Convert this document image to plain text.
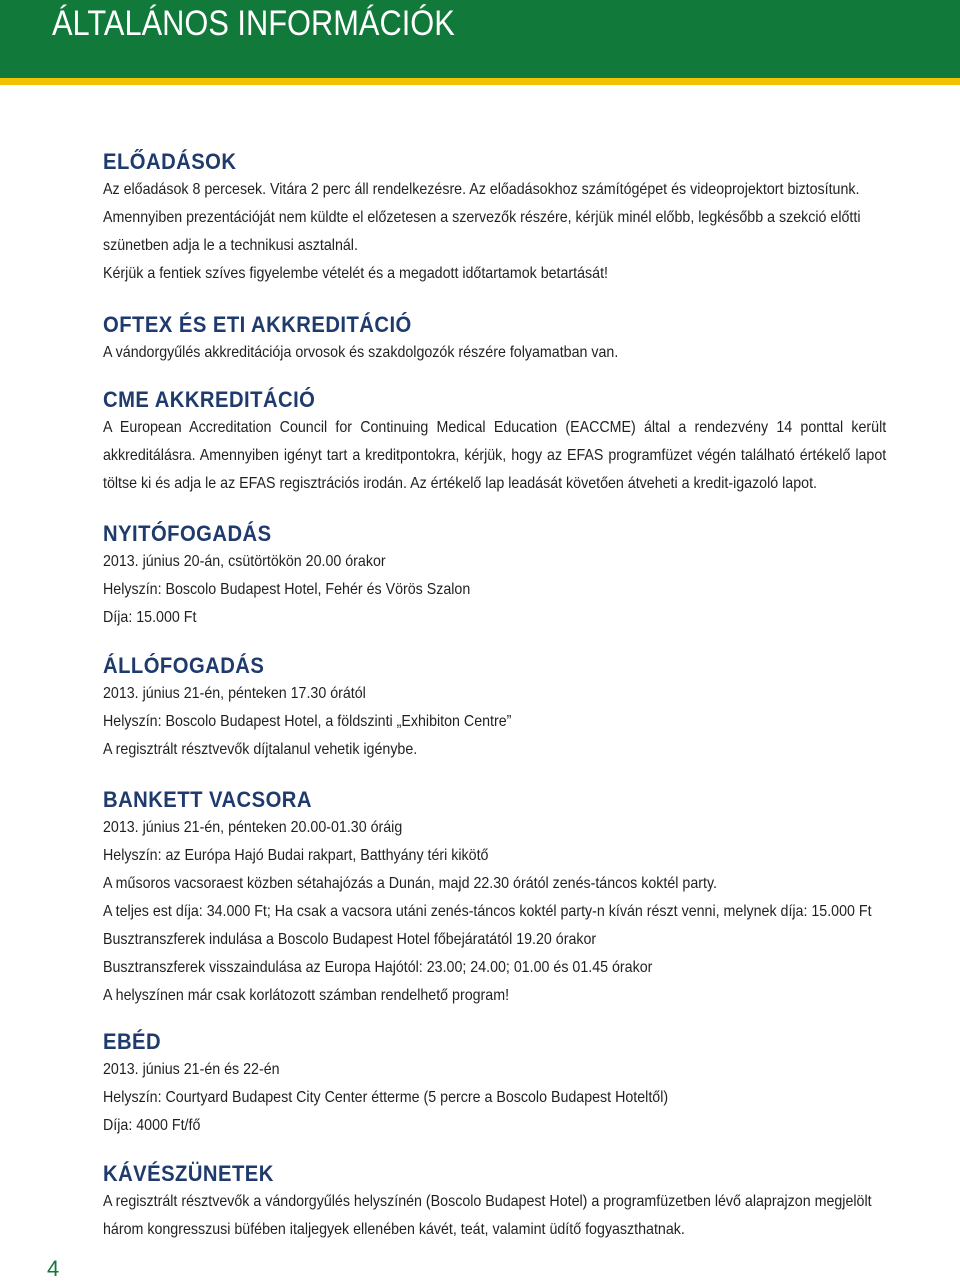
ÁLTALÁNOS INFORMÁCIÓK
ELŐADÁSOK

Az előadások 8 percesek. Vitára 2 perc áll rendelkezésre. Az előadásokhoz számítógépet és videoprojektort biztosítunk.

Amennyiben prezentációját nem küldte el előzetesen a szervezők részére, kérjük minél előbb, legkésőbb a szekció előtti

szünetben adja le a technikusi asztalnál.

Kérjük a fentiek szíves figyelembe vételét és a megadott időtartamok betartását!

OFTEX ÉS ETI AKKREDITÁCIÓ

A vándorgyűlés akkreditációja orvosok és szakdolgozók részére folyamatban van.

CME AKKREDITÁCIÓ

A European Accreditation Council for Continuing Medical Education (EACCME) által a rendezvény 14 ponttal került akkreditálásra. Amennyiben igényt tart a kreditpontokra, kérjük, hogy az EFAS programfüzet végén található értékelő lapot töltse ki és adja le az EFAS regisztrációs irodán. Az értékelő lap leadását követően átveheti a kredit-igazoló lapot.

NYITÓFOGADÁS

2013. június 20-án, csütörtökön 20.00 órakor

Helyszín: Boscolo Budapest Hotel, Fehér és Vörös Szalon

Díja: 15.000 Ft

ÁLLÓFOGADÁS

2013. június 21-én, pénteken 17.30 órától

Helyszín: Boscolo Budapest Hotel, a földszinti „Exhibiton Centre”

A regisztrált résztvevők díjtalanul vehetik igénybe.

BANKETT VACSORA

2013. június 21-én, pénteken 20.00-01.30 óráig

Helyszín: az Európa Hajó Budai rakpart, Batthyány téri kikötő

A műsoros vacsoraest közben sétahajózás a Dunán, majd 22.30 órától zenés-táncos koktél party.

A teljes est díja: 34.000 Ft; Ha csak a vacsora utáni zenés-táncos koktél party-n kíván részt venni, melynek díja: 15.000 Ft

Busztranszferek indulása a Boscolo Budapest Hotel főbejáratától 19.20 órakor

Busztranszferek visszaindulása az Europa Hajótól: 23.00; 24.00; 01.00 és 01.45 órakor

A helyszínen már csak korlátozott számban rendelhető program!

EBÉD

2013. június 21-én és 22-én

Helyszín: Courtyard Budapest City Center étterme (5 percre a Boscolo Budapest Hoteltől)

Díja: 4000 Ft/fő

KÁVÉSZÜNETEK

A regisztrált résztvevők a vándorgyűlés helyszínén (Boscolo Budapest Hotel) a programfüzetben lévő alaprajzon megjelölt három kongresszusi büfében italjegyek ellenében kávét, teát, valamint üdítő fogyaszthatnak.

4
